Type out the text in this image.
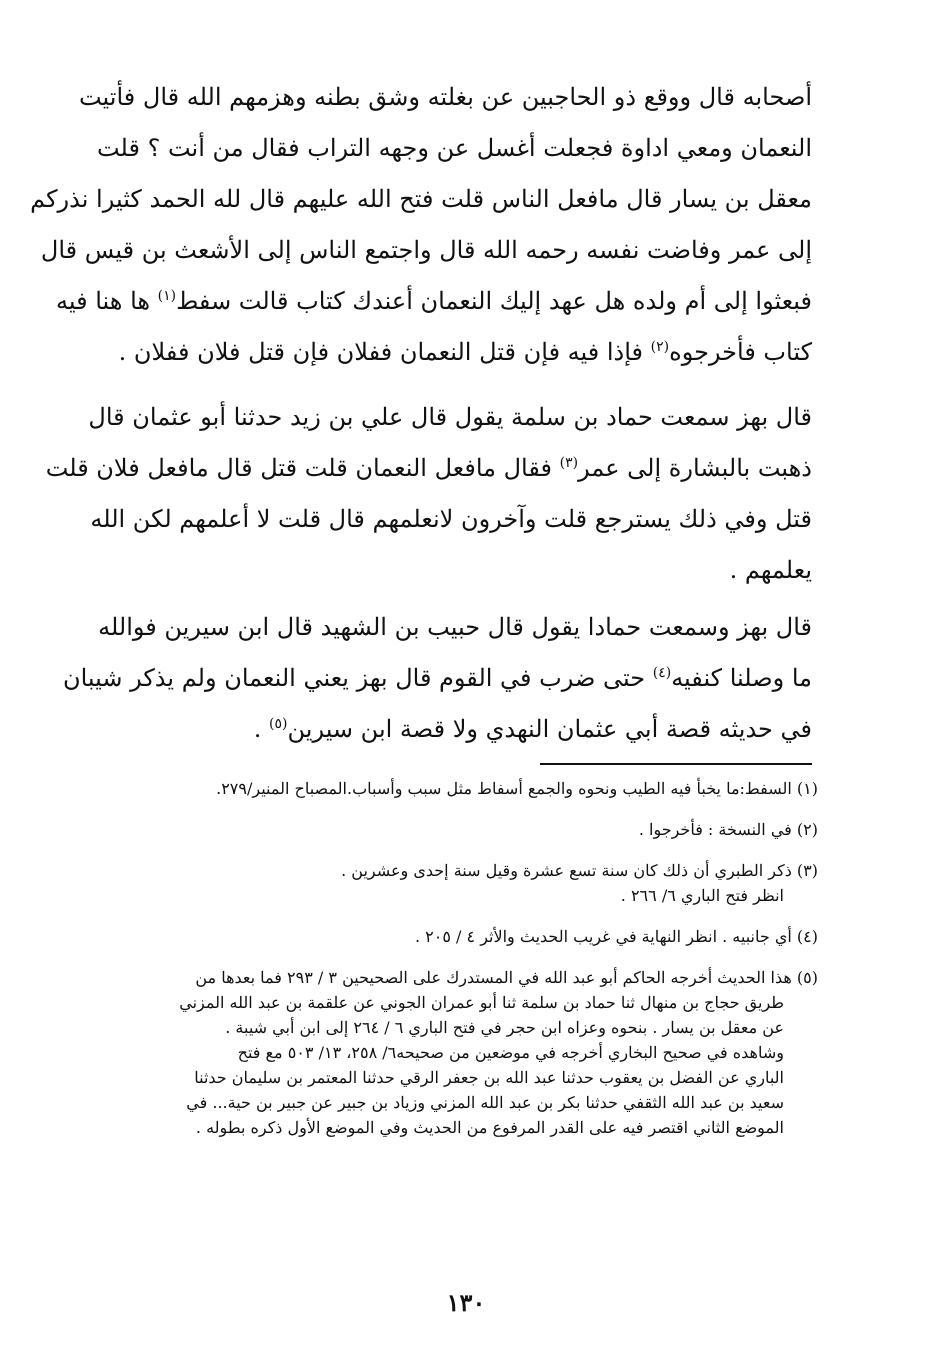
أصحابه قال ووقع ذو الحاجبين عن بغلته وشق بطنه وهزمهم الله قال فأتيت
النعمان ومعي اداوة فجعلت أغسل عن وجهه التراب فقال من أنت ؟ قلت
معقل بن يسار قال مافعل الناس قلت فتح الله عليهم قال لله الحمد كثيرا نذركم
إلى عمر وفاضت نفسه رحمه الله قال واجتمع الناس إلى الأشعث بن قيس قال
فبعثوا إلى أم ولده هل عهد إليك النعمان أعندك كتاب قالت سفط$^{(١)}$ ها هنا فيه
كتاب فأخرجوه$^{(٢)}$ فإذا فيه فإن قتل النعمان ففلان فإن قتل فلان ففلان .

قال بهز سمعت حماد بن سلمة يقول قال علي بن زيد حدثنا أبو عثمان قال
ذهبت بالبشارة إلى عمر$^{(٣)}$ فقال مافعل النعمان قلت قتل قال مافعل فلان قلت
قتل وفي ذلك يسترجع قلت وآخرون لانعلمهم قال قلت لا أعلمهم لكن الله
يعلمهم .

قال بهز وسمعت حمادا يقول قال حبيب بن الشهيد قال ابن سيرين فوالله
ما وصلنا كنفيه$^{(٤)}$ حتى ضرب في القوم قال بهز يعني النعمان ولم يذكر شيبان
في حديثه قصة أبي عثمان النهدي ولا قصة ابن سيرين$^{(٥)}$ .

(١) السفط:ما يخبأ فيه الطيب ونحوه والجمع أسفاط مثل سبب وأسباب.المصباح المنير/٢٧٩.
(٢) في النسخة : فأخرجوا .
(٣) ذكر الطبري أن ذلك كان سنة تسع عشرة وقيل سنة إحدى وعشرين .
انظر فتح الباري ٦/ ٢٦٦ .
(٤) أي جانبيه . انظر النهاية في غريب الحديث والأثر ٤ / ٢٠٥ .
(٥) هذا الحديث أخرجه الحاكم أبو عبد الله في المستدرك على الصحيحين ٣ / ٢٩٣ فما بعدها من
طريق حجاج بن منهال ثنا حماد بن سلمة ثنا أبو عمران الجوني عن علقمة بن عبد الله المزني
عن معقل بن يسار . بنحوه وعزاه ابن حجر في فتح الباري ٦ / ٢٦٤ إلى ابن أبي شيبة .
وشاهده في صحيح البخاري أخرجه في موضعين من صحيحه٦/ ٢٥٨، ١٣/ ٥٠٣ مع فتح
الباري عن الفضل بن يعقوب حدثنا عبد الله بن جعفر الرقي حدثنا المعتمر بن سليمان حدثنا
سعيد بن عبد الله الثقفي حدثنا بكر بن عبد الله المزني وزياد بن جبير عن جبير بن حية... في
الموضع الثاني اقتصر فيه على القدر المرفوع من الحديث وفي الموضع الأول ذكره بطوله .
١٣٠
